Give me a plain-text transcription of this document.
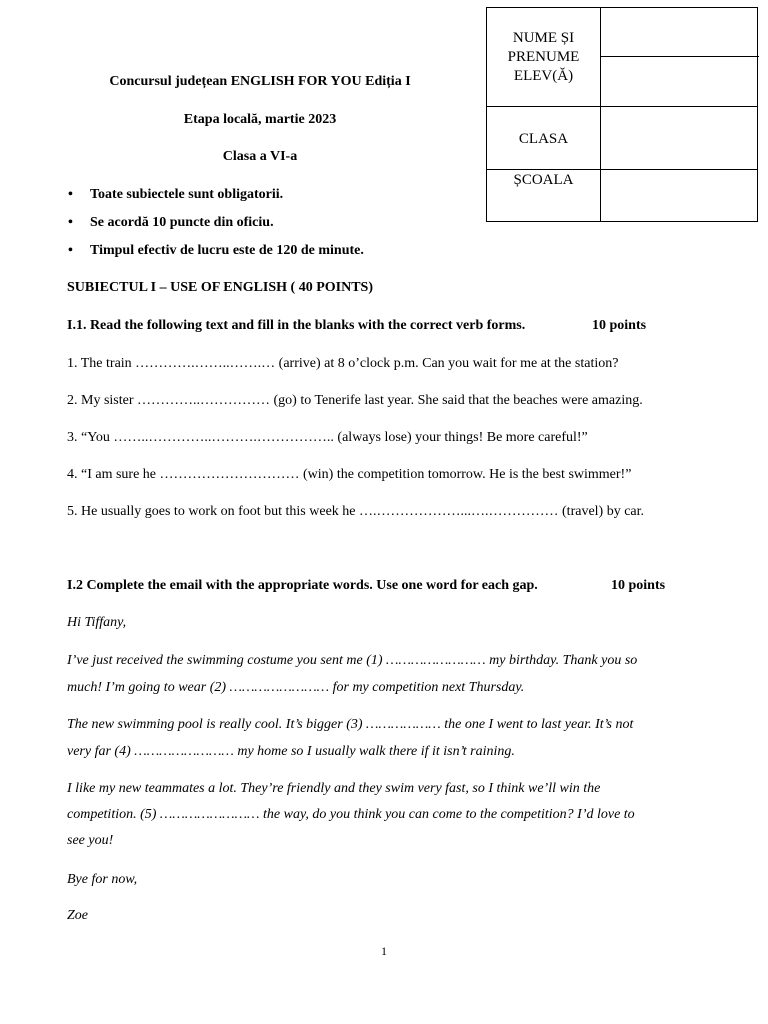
Concursul județean ENGLISH FOR YOU Ediția I
Etapa locală, martie 2023
Clasa a VI-a
• Toate subiectele sunt obligatorii.
• Se acordă 10 puncte din oficiu.
• Timpul efectiv de lucru este de 120 de minute.
NUME ȘI
PRENUME
ELEV(Ă)
CLASA
ȘCOALA
SUBIECTUL I – USE OF ENGLISH ( 40 POINTS)
I.1. Read the following text and fill in the blanks with the correct verb forms.	10 points
1. The train ………….……..…….… (arrive) at 8 o’clock p.m. Can you wait for me at the station?
2. My sister …………..…………… (go) to Tenerife last year. She said that the beaches were amazing.
3. “You ……..…………..……….…………….. (always lose) your things! Be more careful!”
4. “I am sure he ………………………… (win) the competition tomorrow. He is the best swimmer!”
5. He usually goes to work on foot but this week he ….………………...….…………… (travel) by car.
I.2 Complete the email with the appropriate words. Use one word for each gap.	10 points
Hi Tiffany,
I’ve just received the swimming costume you sent me (1) …………………… my birthday. Thank you so
much! I’m going to wear (2) …………………… for my competition next Thursday.
The new swimming pool is really cool. It’s bigger (3) ……………… the one I went to last year. It’s not
very far (4) …………………… my home so I usually walk there if it isn’t raining.
I like my new teammates a lot. They’re friendly and they swim very fast, so I think we’ll win the
competition. (5) …………………… the way, do you think you can come to the competition? I’d love to
see you!
Bye for now,
Zoe
1
